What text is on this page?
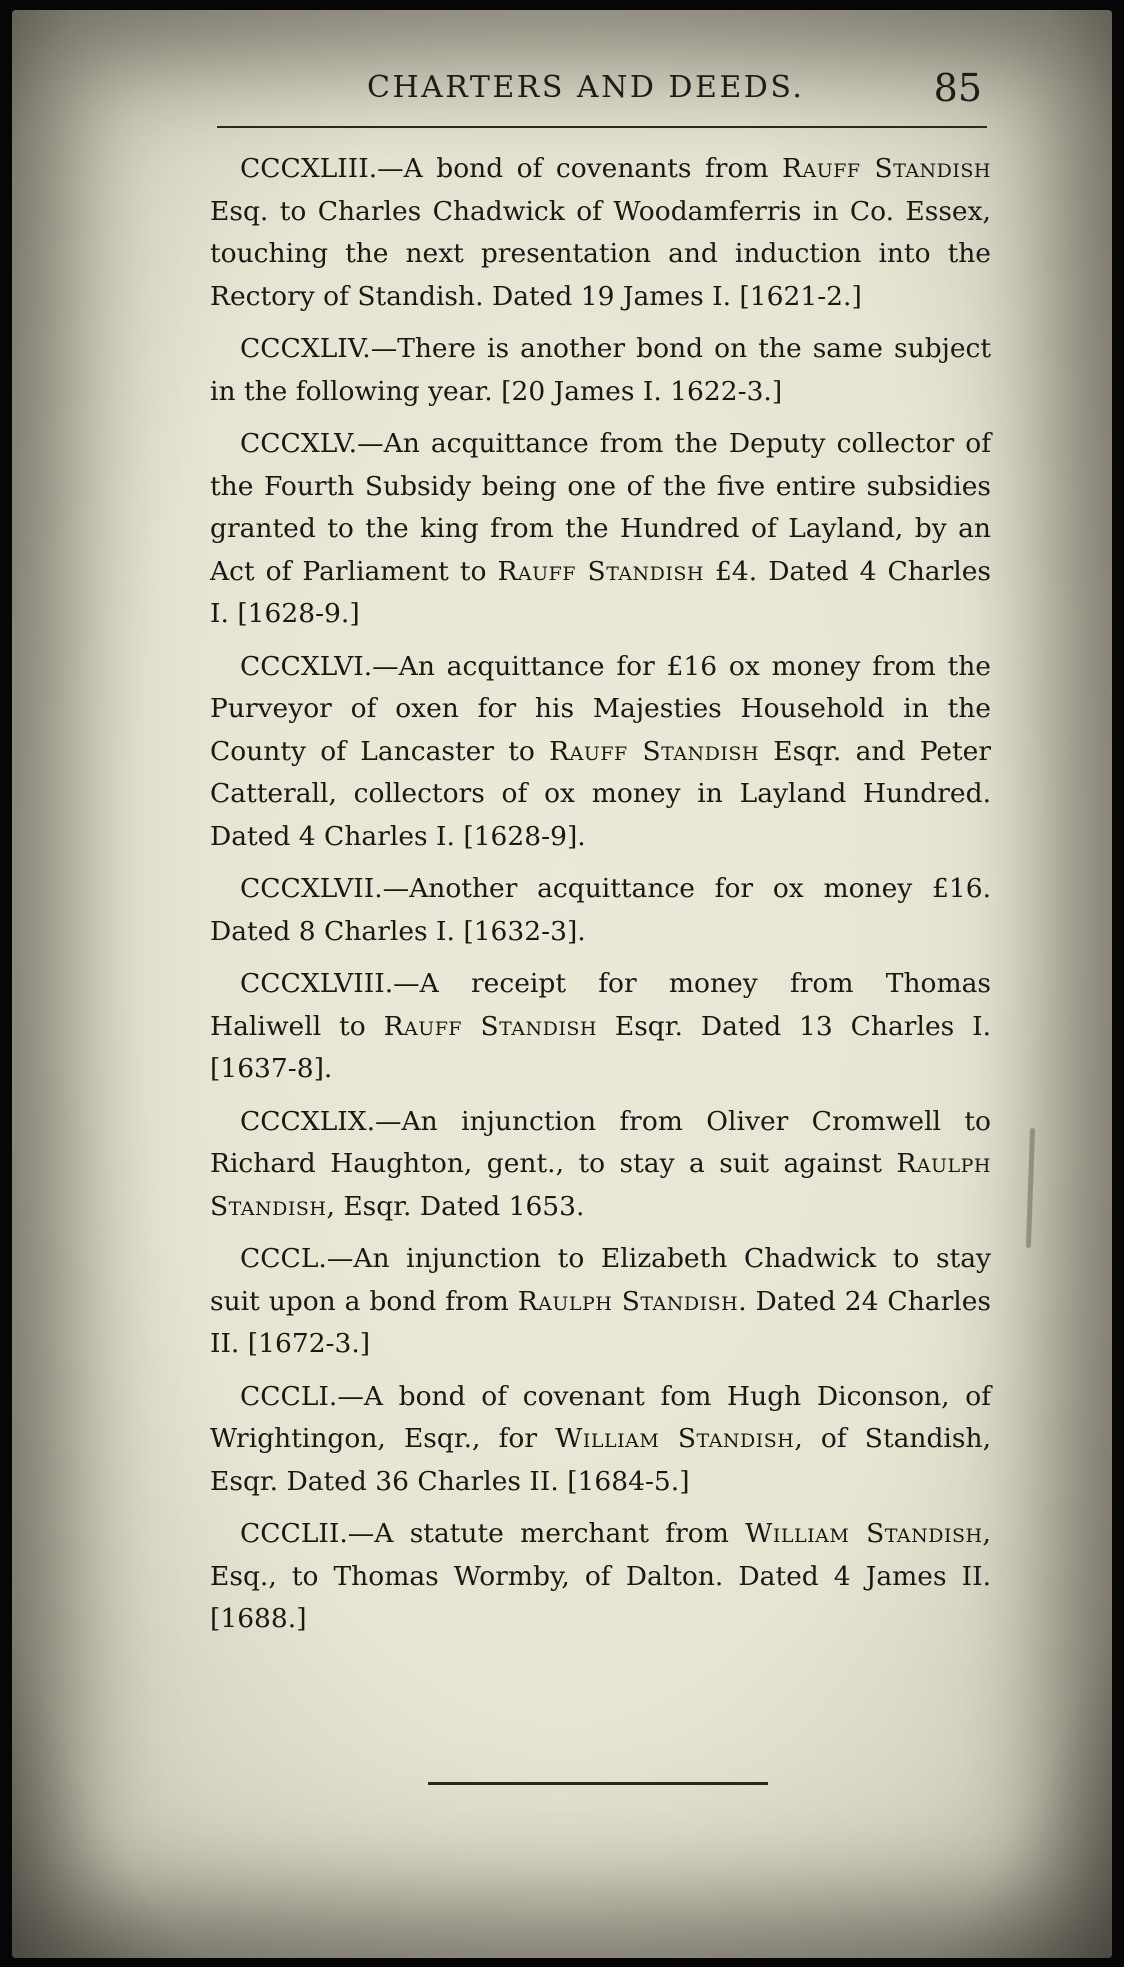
CHARTERS AND DEEDS.	85

CCCXLIII.—A bond of covenants from Rauff Standish Esq. to Charles Chadwick of Woodamferris in Co. Essex, touching the next presentation and induction into the Rectory of Standish. Dated 19 James I. [1621-2.]

CCCXLIV.—There is another bond on the same subject in the following year. [20 James I. 1622-3.]

CCCXLV.—An acquittance from the Deputy collector of the Fourth Subsidy being one of the five entire subsidies granted to the king from the Hundred of Layland, by an Act of Parliament to Rauff Standish £4. Dated 4 Charles I. [1628-9.]

CCCXLVI.—An acquittance for £16 ox money from the Purveyor of oxen for his Majesties Household in the County of Lancaster to Rauff Standish Esqr. and Peter Catterall, collectors of ox money in Layland Hundred. Dated 4 Charles I. [1628-9].

CCCXLVII.—Another acquittance for ox money £16. Dated 8 Charles I. [1632-3].

CCCXLVIII.—A receipt for money from Thomas Haliwell to Rauff Standish Esqr. Dated 13 Charles I. [1637-8].

CCCXLIX.—An injunction from Oliver Cromwell to Richard Haughton, gent., to stay a suit against Raulph Standish, Esqr. Dated 1653.

CCCL.—An injunction to Elizabeth Chadwick to stay suit upon a bond from Raulph Standish. Dated 24 Charles II. [1672-3.]

CCCLI.—A bond of covenant fom Hugh Diconson, of Wrightingon, Esqr., for William Standish, of Standish, Esqr. Dated 36 Charles II. [1684-5.]

CCCLII.—A statute merchant from William Standish, Esq., to Thomas Wormby, of Dalton. Dated 4 James II. [1688.]
